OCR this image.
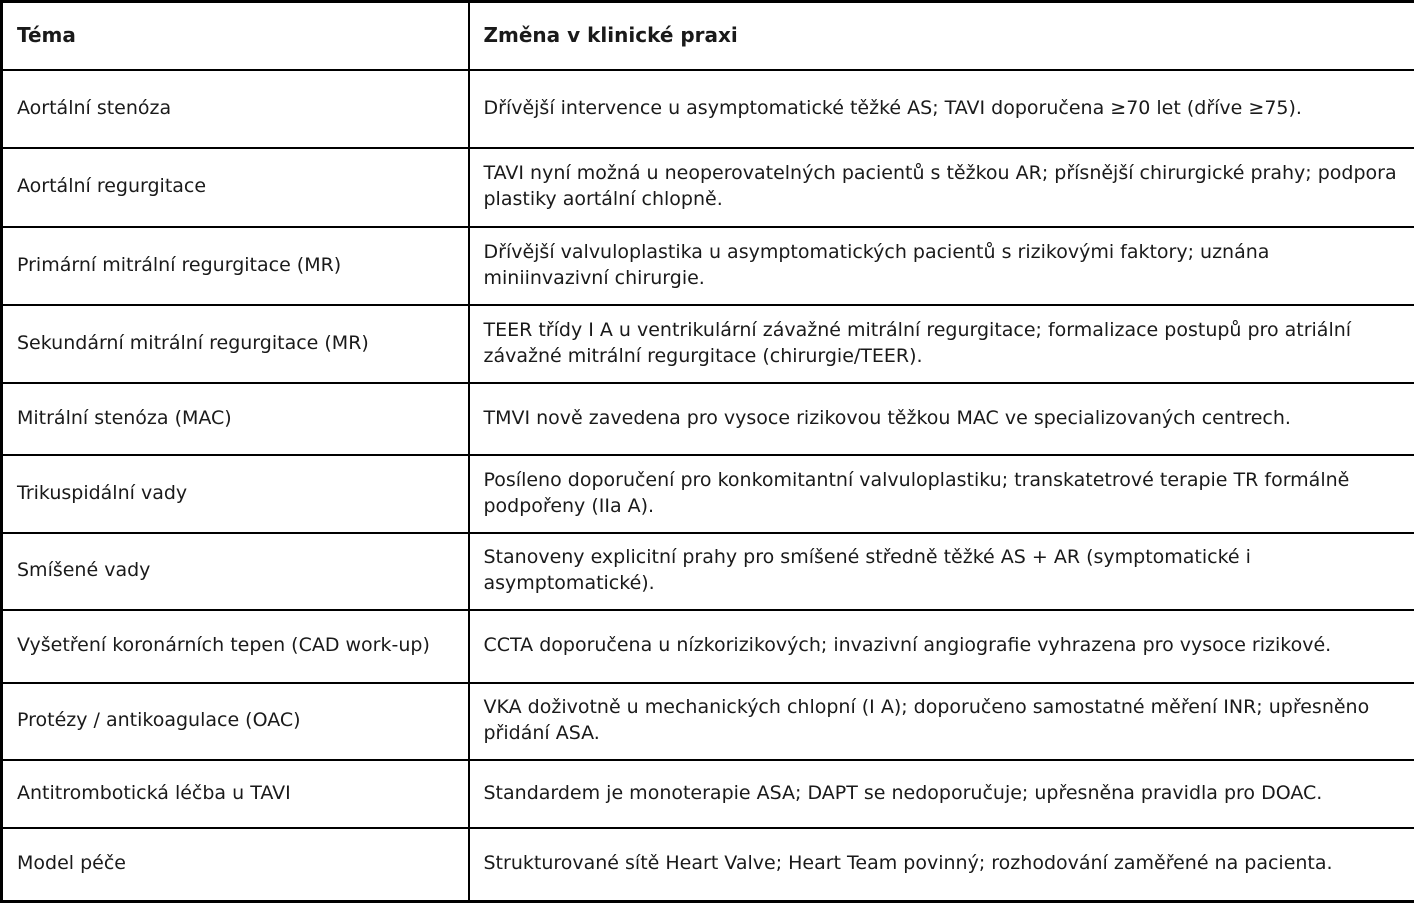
Téma	Změna v klinické praxi
Aortální stenóza	Dřívější intervence u asymptomatické těžké AS; TAVI doporučena ≥70 let (dříve ≥75).
Aortální regurgitace	TAVI nyní možná u neoperovatelných pacientů s těžkou AR; přísnější chirurgické prahy; podpora plastiky aortální chlopně.
Primární mitrální regurgitace (MR)	Dřívější valvuloplastika u asymptomatických pacientů s rizikovými faktory; uznána miniinvazivní chirurgie.
Sekundární mitrální regurgitace (MR)	TEER třídy I A u ventrikulární závažné mitrální regurgitace; formalizace postupů pro atriální závažné mitrální regurgitace (chirurgie/TEER).
Mitrální stenóza (MAC)	TMVI nově zavedena pro vysoce rizikovou těžkou MAC ve specializovaných centrech.
Trikuspidální vady	Posíleno doporučení pro konkomitantní valvuloplastiku; transkatetrové terapie TR formálně podpořeny (IIa A).
Smíšené vady	Stanoveny explicitní prahy pro smíšené středně těžké AS + AR (symptomatické i asymptomatické).
Vyšetření koronárních tepen (CAD work-up)	CCTA doporučena u nízkorizikových; invazivní angiografie vyhrazena pro vysoce rizikové.
Protézy / antikoagulace (OAC)	VKA doživotně u mechanických chlopní (I A); doporučeno samostatné měření INR; upřesněno přidání ASA.
Antitrombotická léčba u TAVI	Standardem je monoterapie ASA; DAPT se nedoporučuje; upřesněna pravidla pro DOAC.
Model péče	Strukturované sítě Heart Valve; Heart Team povinný; rozhodování zaměřené na pacienta.
